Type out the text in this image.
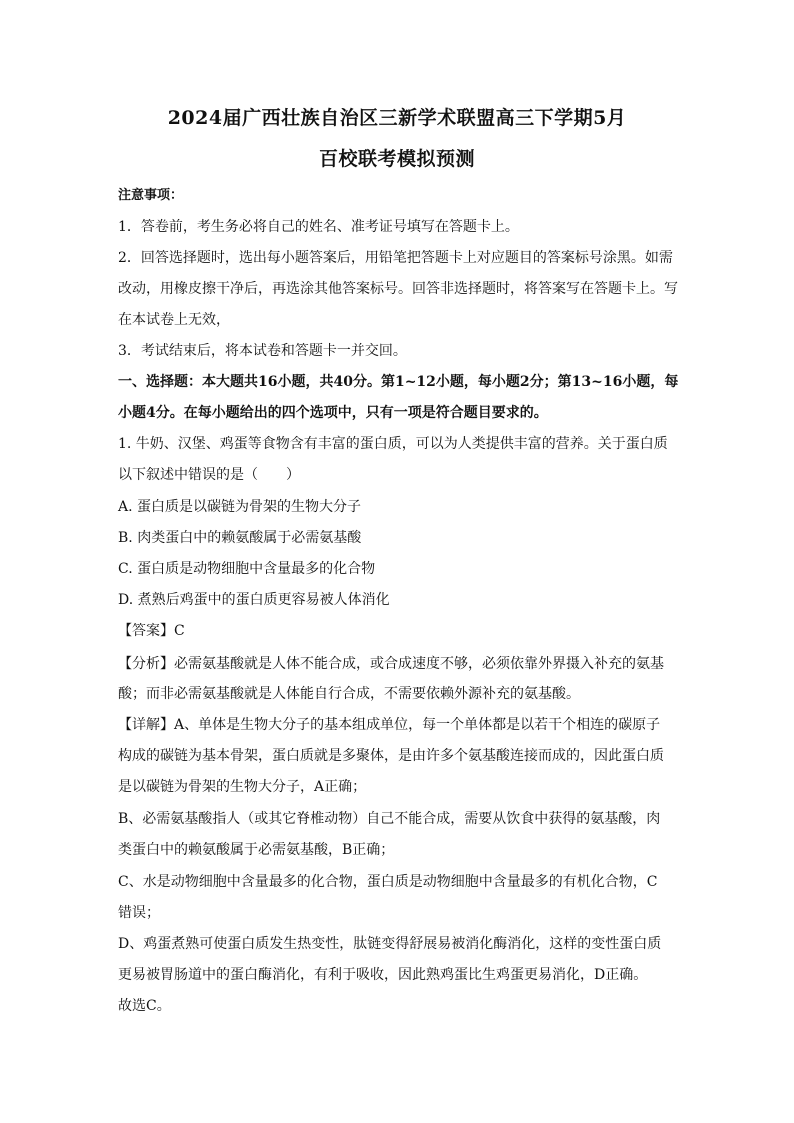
2024届广西壮族自治区三新学术联盟高三下学期5月
百校联考模拟预测
注意事项：
1．答卷前，考生务必将自己的姓名、准考证号填写在答题卡上。
2．回答选择题时，选出每小题答案后，用铅笔把答题卡上对应题目的答案标号涂黑。如需
改动，用橡皮擦干净后，再选涂其他答案标号。回答非选择题时，将答案写在答题卡上。写
在本试卷上无效，
3．考试结束后，将本试卷和答题卡一并交回。
一、选择题：本大题共16小题，共40分。第1~12小题，每小题2分；第13~16小题，每
小题4分。在每小题给出的四个选项中，只有一项是符合题目要求的。
1. 牛奶、汉堡、鸡蛋等食物含有丰富的蛋白质，可以为人类提供丰富的营养。关于蛋白质
以下叙述中错误的是（　　）
A. 蛋白质是以碳链为骨架的生物大分子
B. 肉类蛋白中的赖氨酸属于必需氨基酸
C. 蛋白质是动物细胞中含量最多的化合物
D. 煮熟后鸡蛋中的蛋白质更容易被人体消化
【答案】C
【分析】必需氨基酸就是人体不能合成，或合成速度不够，必须依靠外界摄入补充的氨基
酸；而非必需氨基酸就是人体能自行合成，不需要依赖外源补充的氨基酸。
【详解】A、单体是生物大分子的基本组成单位，每一个单体都是以若干个相连的碳原子
构成的碳链为基本骨架，蛋白质就是多聚体，是由许多个氨基酸连接而成的，因此蛋白质
是以碳链为骨架的生物大分子，A正确；
B、必需氨基酸指人（或其它脊椎动物）自己不能合成，需要从饮食中获得的氨基酸，肉
类蛋白中的赖氨酸属于必需氨基酸，B正确；
C、水是动物细胞中含量最多的化合物，蛋白质是动物细胞中含量最多的有机化合物，C
错误；
D、鸡蛋煮熟可使蛋白质发生热变性，肽链变得舒展易被消化酶消化，这样的变性蛋白质
更易被胃肠道中的蛋白酶消化，有利于吸收，因此熟鸡蛋比生鸡蛋更易消化，D正确。
故选C。
